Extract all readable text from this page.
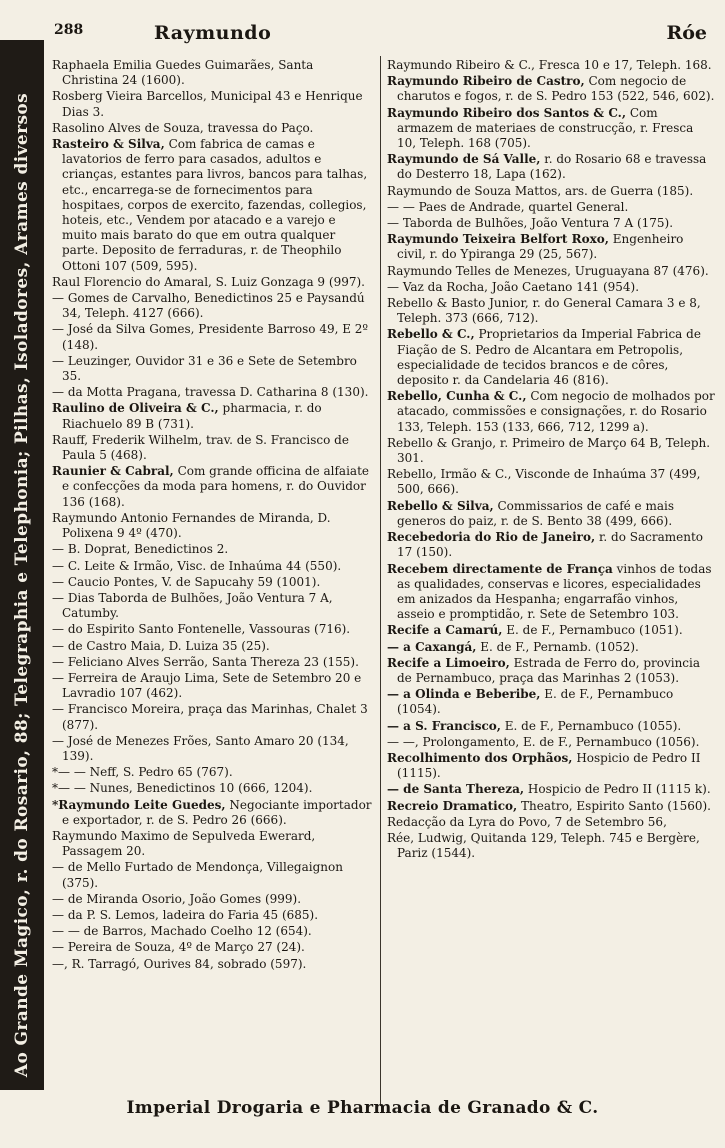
288	Raymundo	Róe
Ao Grande Magico, r. do Rosario, 88; Telegraphia e Telephonia; Pilhas, Isoladores, Arames diversos

Raphaela Emilia Guedes Guimarães, Santa Christina 24 (1600).

Rosberg Vieira Barcellos, Municipal 43 e Henrique Dias 3.

Rasolino Alves de Souza, travessa do Paço.

Rasteiro & Silva, Com fabrica de camas e lavatorios de ferro para casados, adultos e crianças, estantes para livros, bancos para talhas, etc., encarrega-se de fornecimentos para hospitaes, corpos de exercito, fazendas, collegios, hoteis, etc., Vendem por atacado e a varejo e muito mais barato do que em outra qualquer parte. Deposito de ferraduras, r. de Theophilo Ottoni 107 (509, 595).

Raul Florencio do Amaral, S. Luiz Gonzaga 9 (997).

— Gomes de Carvalho, Benedictinos 25 e Paysandú 34, Teleph. 4127 (666).

— José da Silva Gomes, Presidente Barroso 49, E 2º (148).

— Leuzinger, Ouvidor 31 e 36 e Sete de Setembro 35.

— da Motta Pragana, travessa D. Catharina 8 (130).

Raulino de Oliveira & C., pharmacia, r. do Riachuelo 89 B (731).

Rauff, Frederik Wilhelm, trav. de S. Francisco de Paula 5 (468).

Raunier & Cabral, Com grande officina de alfaiate e confecções da moda para homens, r. do Ouvidor 136 (168).

Raymundo Antonio Fernandes de Miranda, D. Polixena 9 4º (470).

— B. Doprat, Benedictinos 2.

— C. Leite & Irmão, Visc. de Inhaúma 44 (550).

— Caucio Pontes, V. de Sapucahy 59 (1001).

— Dias Taborda de Bulhões, João Ventura 7 A, Catumby.

— do Espirito Santo Fontenelle, Vassouras (716).

— de Castro Maia, D. Luiza 35 (25).

— Feliciano Alves Serrão, Santa Thereza 23 (155).

— Ferreira de Araujo Lima, Sete de Setembro 20 e Lavradio 107 (462).

— Francisco Moreira, praça das Marinhas, Chalet 3 (877).

— José de Menezes Frões, Santo Amaro 20 (134, 139).

*— — Neff, S. Pedro 65 (767).

*— — Nunes, Benedictinos 10 (666, 1204).

*Raymundo Leite Guedes, Negociante importador e exportador, r. de S. Pedro 26 (666).

Raymundo Maximo de Sepulveda Ewerard, Passagem 20.

— de Mello Furtado de Mendonça, Villegaignon (375).

— de Miranda Osorio, João Gomes (999).

— da P. S. Lemos, ladeira do Faria 45 (685).

— — de Barros, Machado Coelho 12 (654).

— Pereira de Souza, 4º de Março 27 (24).

—, R. Tarragó, Ourives 84, sobrado (597).

Raymundo Ribeiro & C., Fresca 10 e 17, Teleph. 168.

Raymundo Ribeiro de Castro, Com negocio de charutos e fogos, r. de S. Pedro 153 (522, 546, 602).

Raymundo Ribeiro dos Santos & C., Com armazem de materiaes de construcção, r. Fresca 10, Teleph. 168 (705).

Raymundo de Sá Valle, r. do Rosario 68 e travessa do Desterro 18, Lapa (162).

Raymundo de Souza Mattos, ars. de Guerra (185).

— — Paes de Andrade, quartel General.

— Taborda de Bulhões, João Ventura 7 A (175).

Raymundo Teixeira Belfort Roxo, Engenheiro civil, r. do Ypiranga 29 (25, 567).

Raymundo Telles de Menezes, Uruguayana 87 (476).

— Vaz da Rocha, João Caetano 141 (954).

Rebello & Basto Junior, r. do General Camara 3 e 8, Teleph. 373 (666, 712).

Rebello & C., Proprietarios da Imperial Fabrica de Fiação de S. Pedro de Alcantara em Petropolis, especialidade de tecidos brancos e de côres, deposito r. da Candelaria 46 (816).

Rebello, Cunha & C., Com negocio de molhados por atacado, commissões e consignações, r. do Rosario 133, Teleph. 153 (133, 666, 712, 1299 a).

Rebello & Granjo, r. Primeiro de Março 64 B, Teleph. 301.

Rebello, Irmão & C., Visconde de Inhaúma 37 (499, 500, 666).

Rebello & Silva, Commissarios de café e mais generos do paiz, r. de S. Bento 38 (499, 666).

Recebedoria do Rio de Janeiro, r. do Sacramento 17 (150).

Recebem directamente de França vinhos de todas as qualidades, conservas e licores, especialidades em anizados da Hespanha; engarrafão vinhos, asseio e promptidão, r. Sete de Setembro 103.

Recife a Camarú, E. de F., Pernambuco (1051).

— a Caxangá, E. de F., Pernamb. (1052).

Recife a Limoeiro, Estrada de Ferro do, provincia de Pernambuco, praça das Marinhas 2 (1053).

— a Olinda e Beberibe, E. de F., Pernambuco (1054).

— a S. Francisco, E. de F., Pernambuco (1055).

— —, Prolongamento, E. de F., Pernambuco (1056).

Recolhimento dos Orphãos, Hospicio de Pedro II (1115).

— de Santa Thereza, Hospicio de Pedro II (1115 k).

Recreio Dramatico, Theatro, Espirito Santo (1560).

Redacção da Lyra do Povo, 7 de Setembro 56,

Rée, Ludwig, Quitanda 129, Teleph. 745 e Bergère, Pariz (1544).

Imperial Drogaria e Pharmacia de Granado & C.
